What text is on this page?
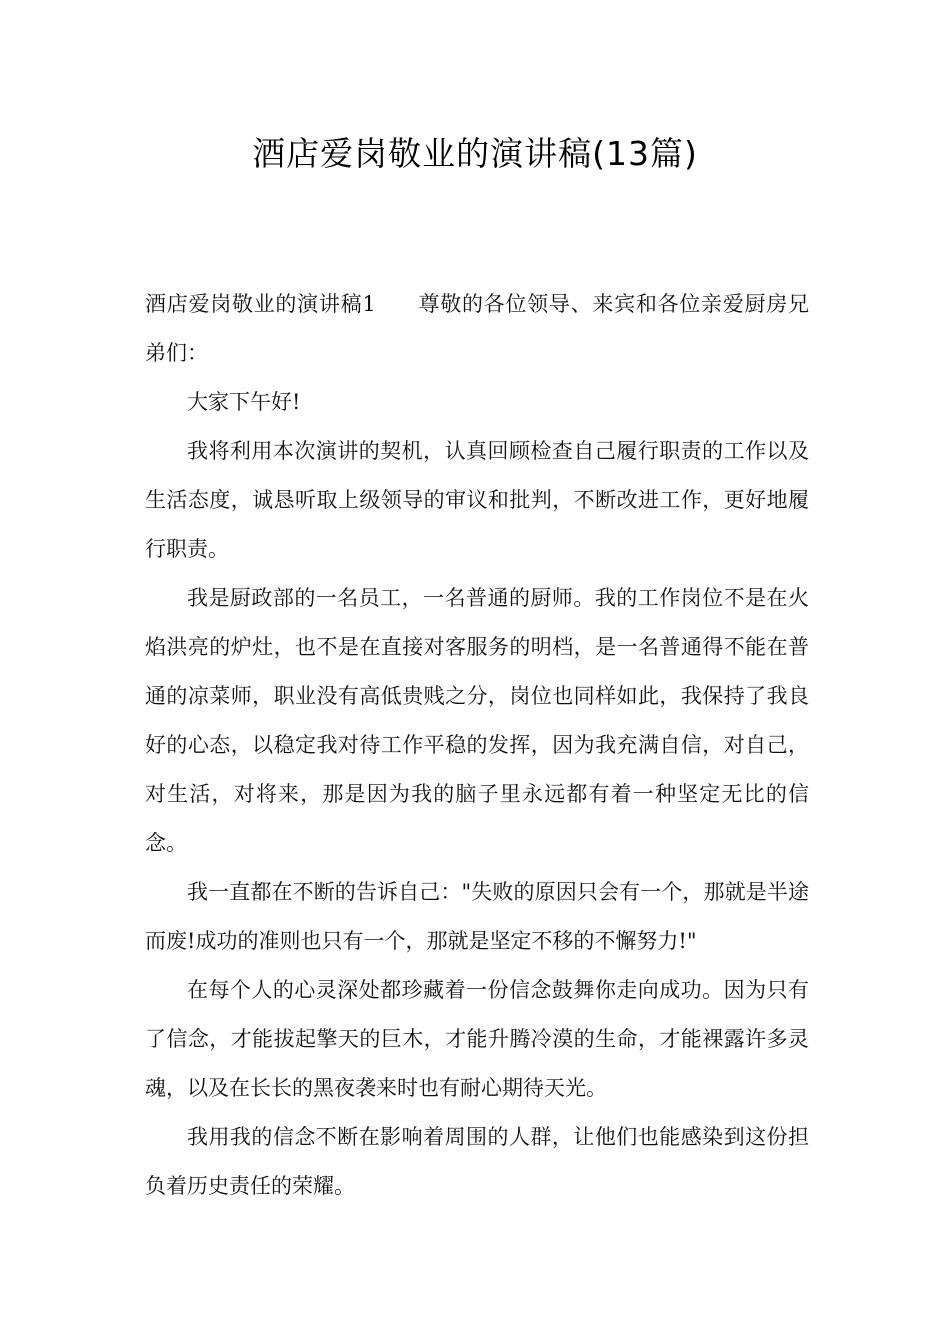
酒店爱岗敬业的演讲稿(13篇)

酒店爱岗敬业的演讲稿1 尊敬的各位领导、来宾和各位亲爱厨房兄弟们：

大家下午好!

我将利用本次演讲的契机，认真回顾检查自己履行职责的工作以及生活态度，诚恳听取上级领导的审议和批判，不断改进工作，更好地履行职责。

我是厨政部的一名员工，一名普通的厨师。我的工作岗位不是在火焰洪亮的炉灶，也不是在直接对客服务的明档，是一名普通得不能在普通的凉菜师，职业没有高低贵贱之分，岗位也同样如此，我保持了我良好的心态，以稳定我对待工作平稳的发挥，因为我充满自信，对自己，对生活，对将来，那是因为我的脑子里永远都有着一种坚定无比的信念。

我一直都在不断的告诉自己："失败的原因只会有一个，那就是半途而废!成功的准则也只有一个，那就是坚定不移的不懈努力!"

在每个人的心灵深处都珍藏着一份信念鼓舞你走向成功。因为只有了信念，才能拔起擎天的巨木，才能升腾冷漠的生命，才能裸露许多灵魂，以及在长长的黑夜袭来时也有耐心期待天光。

我用我的信念不断在影响着周围的人群，让他们也能感染到这份担负着历史责任的荣耀。
